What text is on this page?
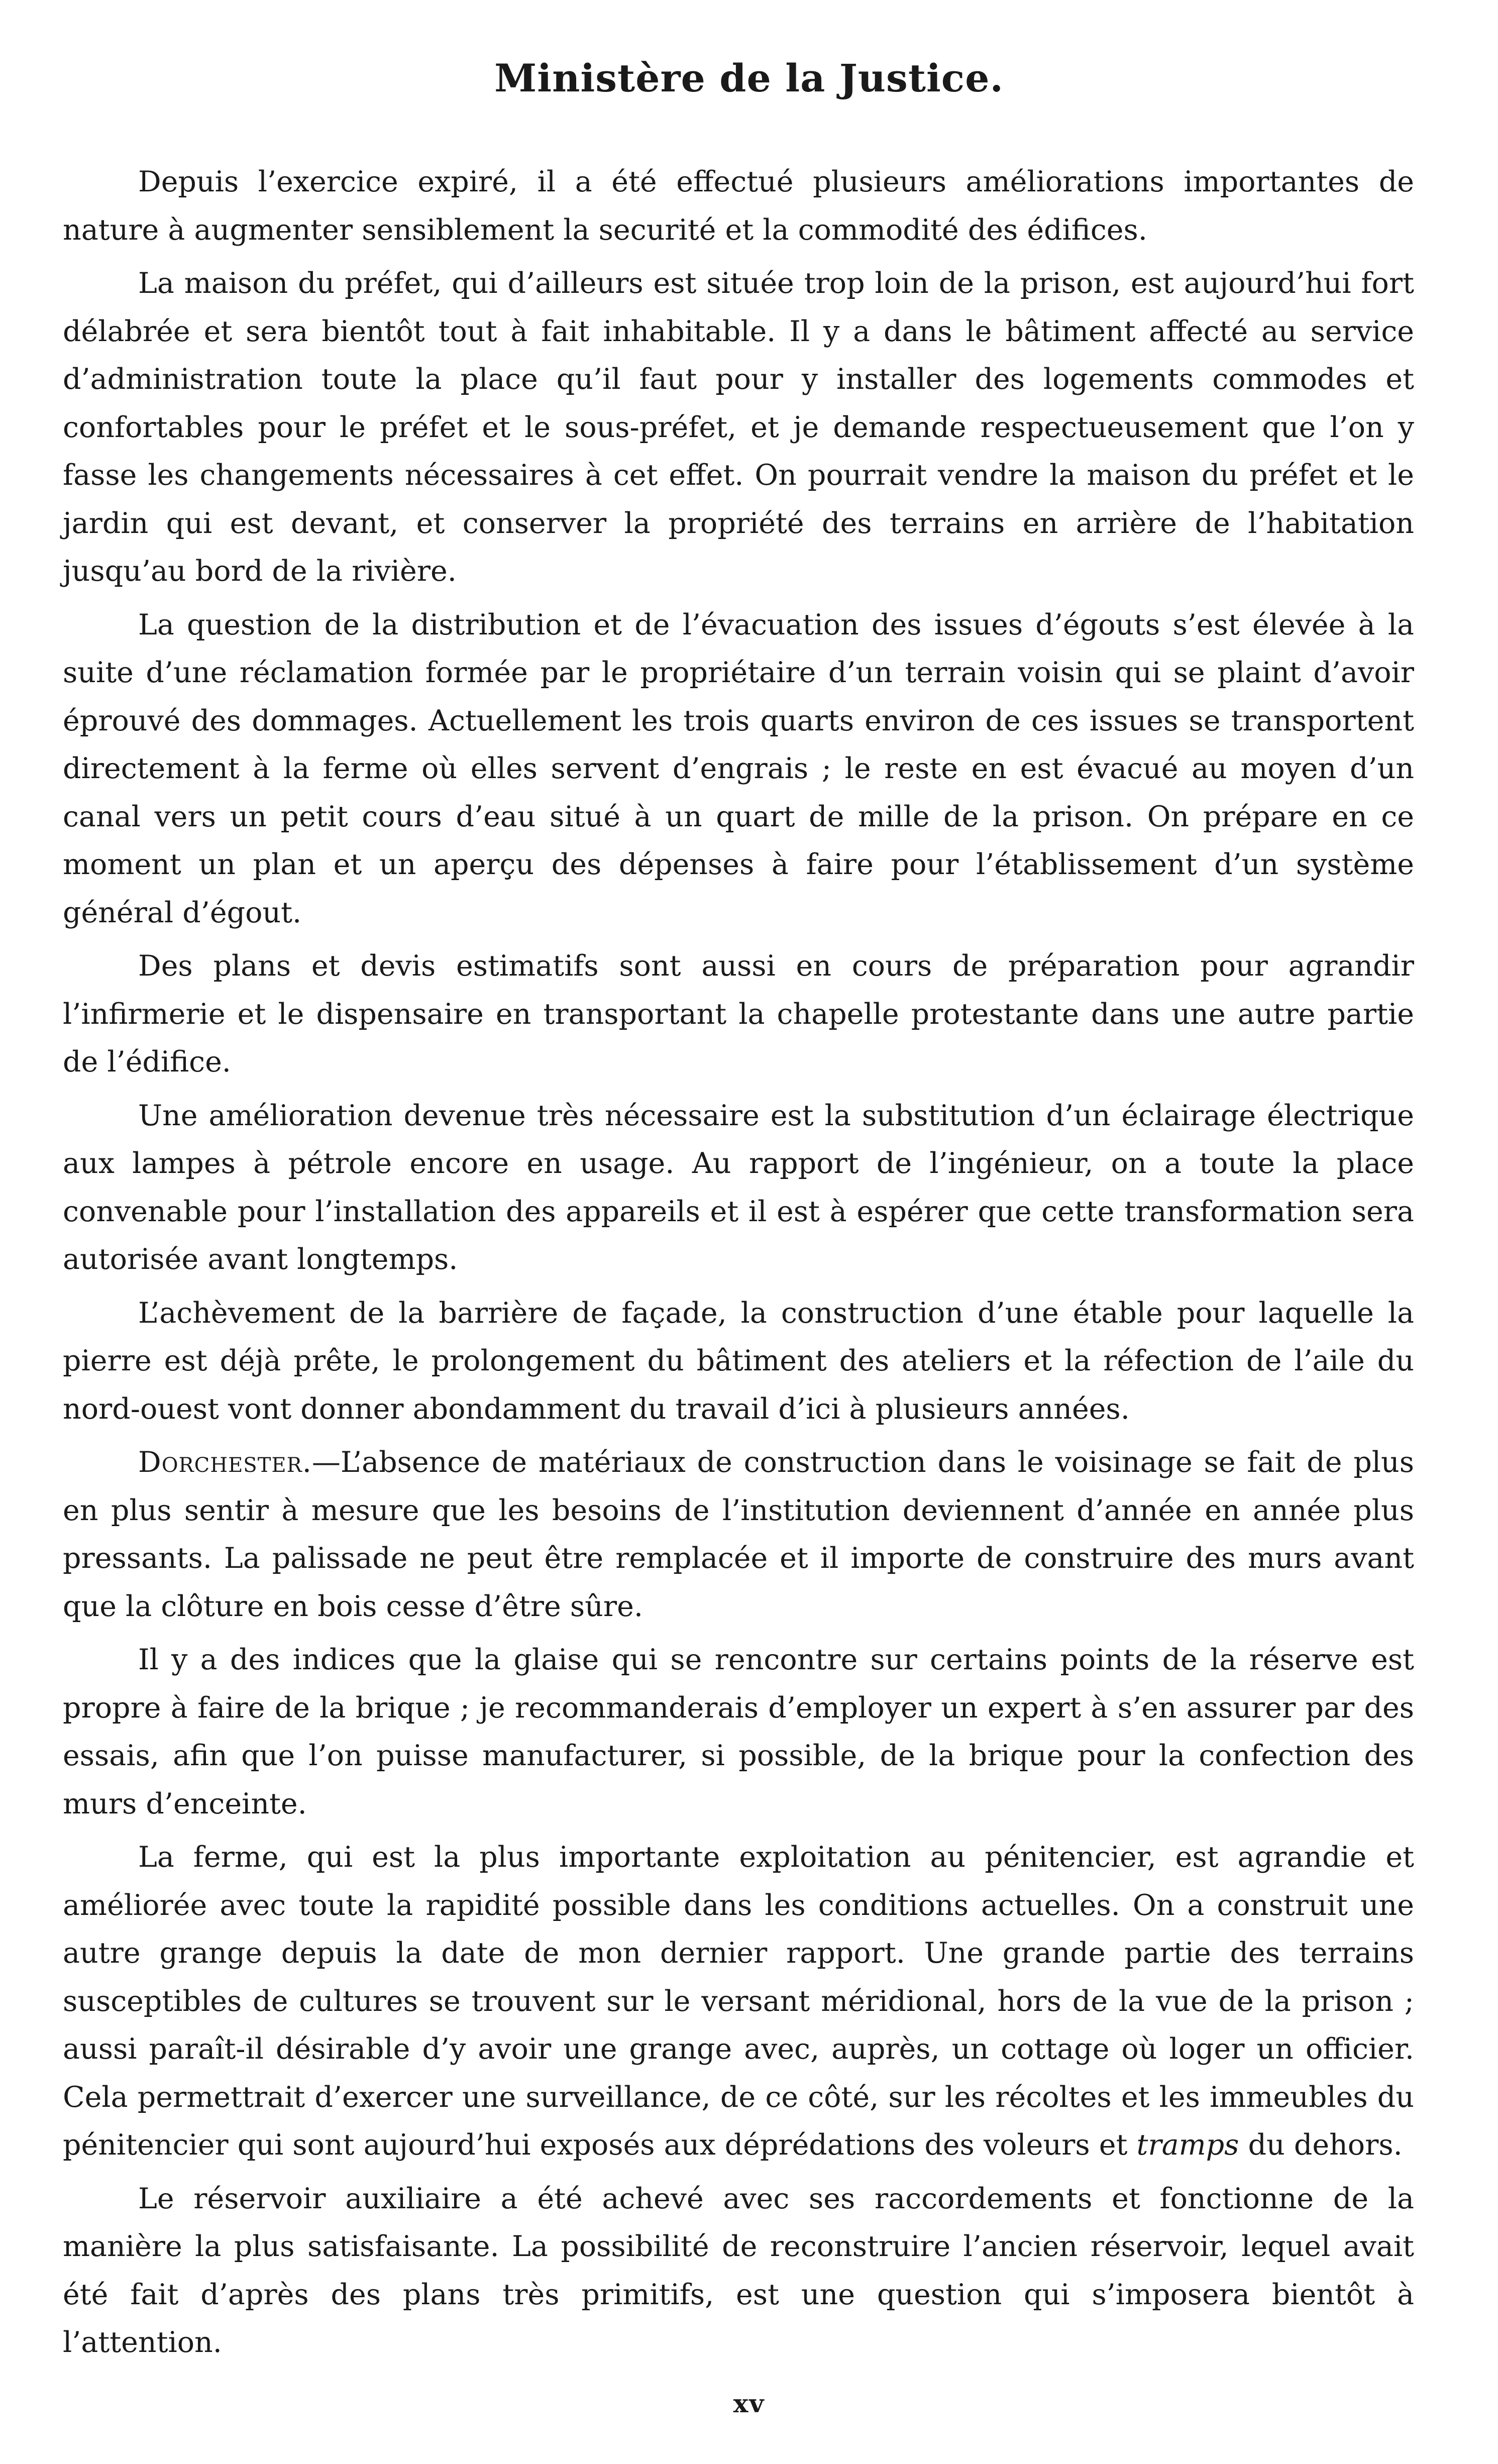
Ministère de la Justice.

Depuis l’exercice expiré, il a été effectué plusieurs améliorations importantes de nature à augmenter sensiblement la securité et la commodité des édifices.

La maison du préfet, qui d’ailleurs est située trop loin de la prison, est aujourd’hui fort délabrée et sera bientôt tout à fait inhabitable. Il y a dans le bâtiment affecté au service d’administration toute la place qu’il faut pour y installer des logements commodes et confortables pour le préfet et le sous-préfet, et je demande respectueusement que l’on y fasse les changements nécessaires à cet effet. On pourrait vendre la maison du préfet et le jardin qui est devant, et conserver la propriété des terrains en arrière de l’habitation jusqu’au bord de la rivière.

La question de la distribution et de l’évacuation des issues d’égouts s’est élevée à la suite d’une réclamation formée par le propriétaire d’un terrain voisin qui se plaint d’avoir éprouvé des dommages. Actuellement les trois quarts environ de ces issues se transportent directement à la ferme où elles servent d’engrais ; le reste en est évacué au moyen d’un canal vers un petit cours d’eau situé à un quart de mille de la prison. On prépare en ce moment un plan et un aperçu des dépenses à faire pour l’établissement d’un système général d’égout.

Des plans et devis estimatifs sont aussi en cours de préparation pour agrandir l’infirmerie et le dispensaire en transportant la chapelle protestante dans une autre partie de l’édifice.

Une amélioration devenue très nécessaire est la substitution d’un éclairage électrique aux lampes à pétrole encore en usage. Au rapport de l’ingénieur, on a toute la place convenable pour l’installation des appareils et il est à espérer que cette transformation sera autorisée avant longtemps.

L’achèvement de la barrière de façade, la construction d’une étable pour laquelle la pierre est déjà prête, le prolongement du bâtiment des ateliers et la réfection de l’aile du nord-ouest vont donner abondamment du travail d’ici à plusieurs années.

Dorchester.—L’absence de matériaux de construction dans le voisinage se fait de plus en plus sentir à mesure que les besoins de l’institution deviennent d’année en année plus pressants. La palissade ne peut être remplacée et il importe de construire des murs avant que la clôture en bois cesse d’être sûre.

Il y a des indices que la glaise qui se rencontre sur certains points de la réserve est propre à faire de la brique ; je recommanderais d’employer un expert à s’en assurer par des essais, afin que l’on puisse manufacturer, si possible, de la brique pour la confection des murs d’enceinte.

La ferme, qui est la plus importante exploitation au pénitencier, est agrandie et améliorée avec toute la rapidité possible dans les conditions actuelles. On a construit une autre grange depuis la date de mon dernier rapport. Une grande partie des terrains susceptibles de cultures se trouvent sur le versant méridional, hors de la vue de la prison ; aussi paraît-il désirable d’y avoir une grange avec, auprès, un cottage où loger un officier. Cela permettrait d’exercer une surveillance, de ce côté, sur les récoltes et les immeubles du pénitencier qui sont aujourd’hui exposés aux déprédations des voleurs et tramps du dehors.

Le réservoir auxiliaire a été achevé avec ses raccordements et fonctionne de la manière la plus satisfaisante. La possibilité de reconstruire l’ancien réservoir, lequel avait été fait d’après des plans très primitifs, est une question qui s’imposera bientôt à l’attention.

xv
